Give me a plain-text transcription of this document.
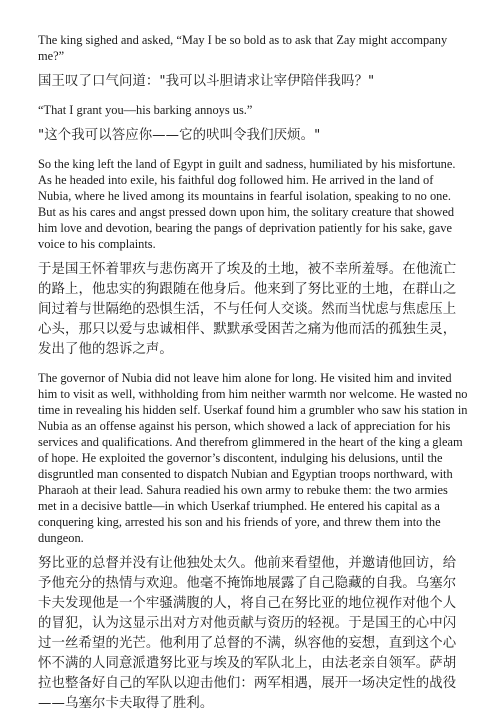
The king sighed and asked, “May I be so bold as to ask that Zay might accompany me?”

国王叹了口气问道："我可以斗胆请求让宰伊陪伴我吗？"

“That I grant you—his barking annoys us.”

"这个我可以答应你——它的吠叫令我们厌烦。"

So the king left the land of Egypt in guilt and sadness, humiliated by his misfortune. As he headed into exile, his faithful dog followed him. He arrived in the land of Nubia, where he lived among its mountains in fearful isolation, speaking to no one. But as his cares and angst pressed down upon him, the solitary creature that showed him love and devotion, bearing the pangs of deprivation patiently for his sake, gave voice to his complaints.

于是国王怀着罪疚与悲伤离开了埃及的土地，被不幸所羞辱。在他流亡的路上，他忠实的狗跟随在他身后。他来到了努比亚的土地，在群山之间过着与世隔绝的恐惧生活，不与任何人交谈。然而当忧虑与焦虑压上心头，那只以爱与忠诚相伴、默默承受困苦之痛为他而活的孤独生灵，发出了他的怨诉之声。

The governor of Nubia did not leave him alone for long. He visited him and invited him to visit as well, withholding from him neither warmth nor welcome. He wasted no time in revealing his hidden self. Userkaf found him a grumbler who saw his station in Nubia as an offense against his person, which showed a lack of appreciation for his services and qualifications. And therefrom glimmered in the heart of the king a gleam of hope. He exploited the governor’s discontent, indulging his delusions, until the disgruntled man consented to dispatch Nubian and Egyptian troops northward, with Pharaoh at their lead. Sahura readied his own army to rebuke them: the two armies met in a decisive battle—in which Userkaf triumphed. He entered his capital as a conquering king, arrested his son and his friends of yore, and threw them into the dungeon.

努比亚的总督并没有让他独处太久。他前来看望他，并邀请他回访，给予他充分的热情与欢迎。他毫不掩饰地展露了自己隐藏的自我。乌塞尔卡夫发现他是一个牢骚满腹的人，将自己在努比亚的地位视作对他个人的冒犯，认为这显示出对方对他贡献与资历的轻视。于是国王的心中闪过一丝希望的光芒。他利用了总督的不满，纵容他的妄想，直到这个心怀不满的人同意派遣努比亚与埃及的军队北上，由法老亲自领军。萨胡拉也整备好自己的军队以迎击他们：两军相遇，展开一场决定性的战役——乌塞尔卡夫取得了胜利。
